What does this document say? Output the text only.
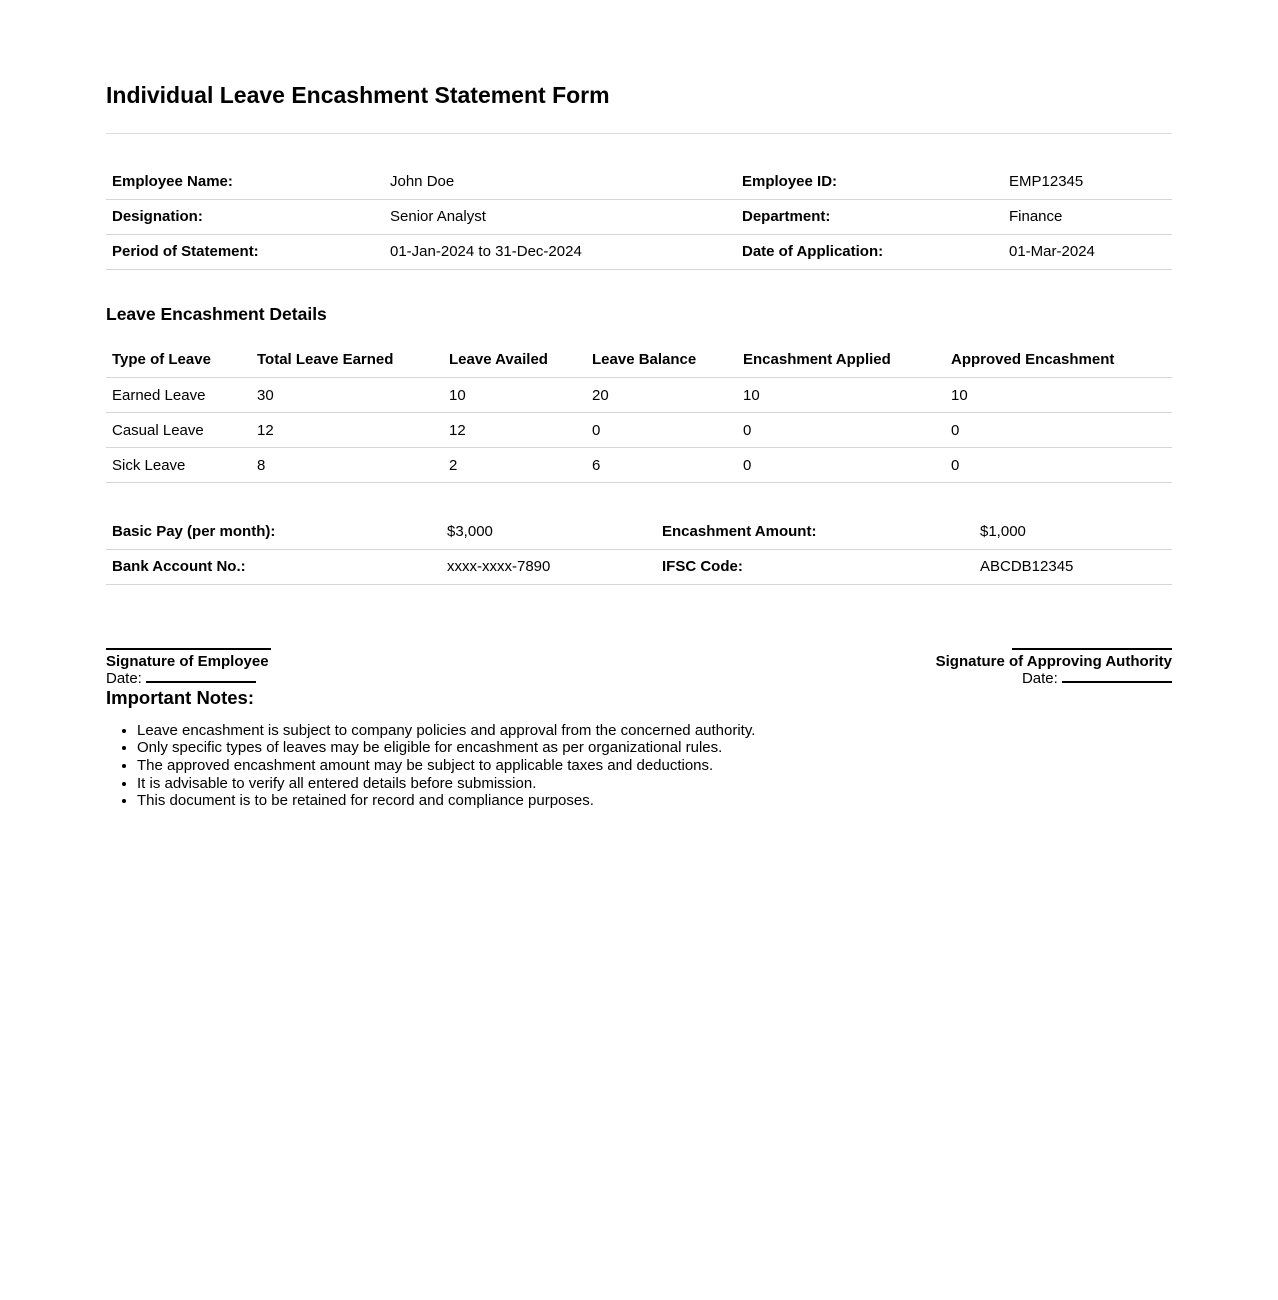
Individual Leave Encashment Statement Form
Employee Name:	John Doe	Employee ID:	EMP12345
Designation:	Senior Analyst	Department:	Finance
Period of Statement:	01-Jan-2024 to 31-Dec-2024	Date of Application:	01-Mar-2024
Leave Encashment Details
Type of Leave	Total Leave Earned	Leave Availed	Leave Balance	Encashment Applied	Approved Encashment
Earned Leave	30	10	20	10	10
Casual Leave	12	12	0	0	0
Sick Leave	8	2	6	0	0
Basic Pay (per month):	$3,000	Encashment Amount:	$1,000
Bank Account No.:	xxxx-xxxx-7890	IFSC Code:	ABCDB12345
Signature of Employee
Date:
Signature of Approving Authority
Date:
Important Notes:
• Leave encashment is subject to company policies and approval from the concerned authority.
• Only specific types of leaves may be eligible for encashment as per organizational rules.
• The approved encashment amount may be subject to applicable taxes and deductions.
• It is advisable to verify all entered details before submission.
• This document is to be retained for record and compliance purposes.
